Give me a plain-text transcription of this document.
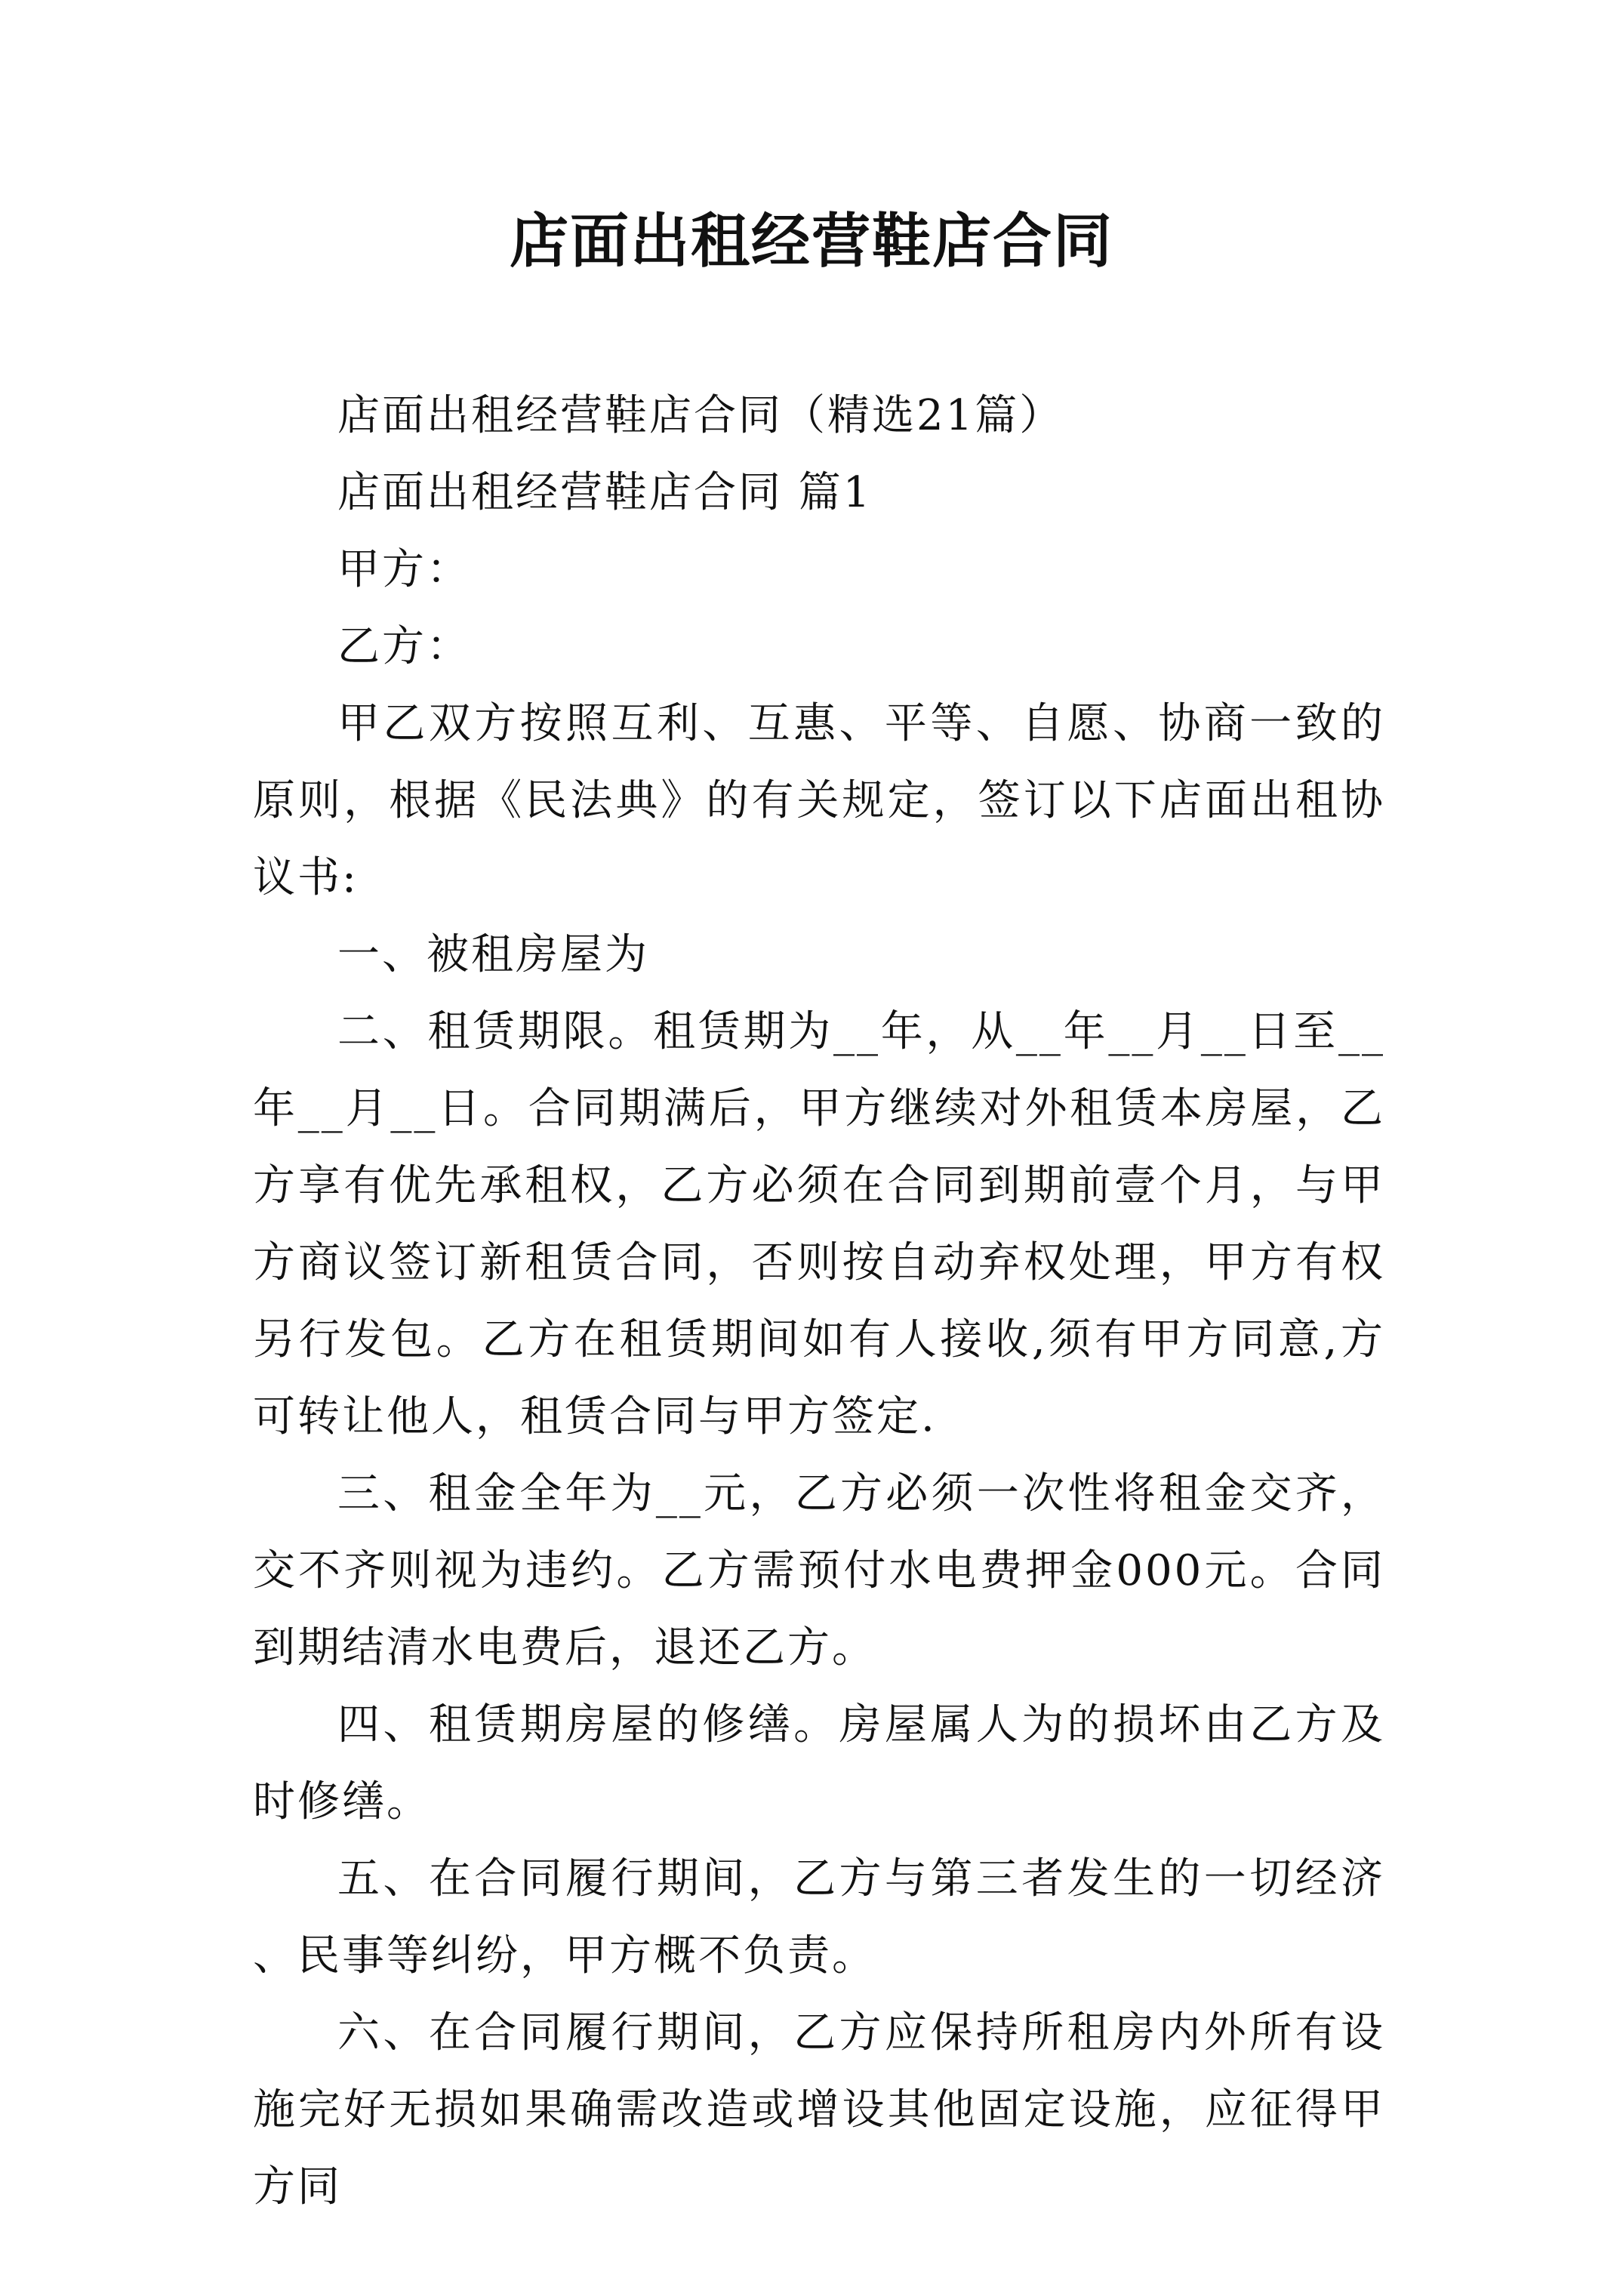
店面出租经营鞋店合同

店面出租经营鞋店合同（精选21篇）

店面出租经营鞋店合同 篇1

甲方：

乙方：

甲乙双方按照互利、互惠、平等、自愿、协商一致的原则，根据《民法典》的有关规定，签订以下店面出租协议书:

一、被租房屋为

二、租赁期限。租赁期为__年，从__年__月__日至__年__月__日。合同期满后，甲方继续对外租赁本房屋，乙方享有优先承租权，乙方必须在合同到期前壹个月，与甲方商议签订新租赁合同，否则按自动弃权处理，甲方有权另行发包。乙方在租赁期间如有人接收,须有甲方同意,方可转让他人，租赁合同与甲方签定.

三、租金全年为__元，乙方必须一次性将租金交齐，交不齐则视为违约。乙方需预付水电费押金000元。合同到期结清水电费后，退还乙方。

四、租赁期房屋的修缮。房屋属人为的损坏由乙方及时修缮。

五、在合同履行期间，乙方与第三者发生的一切经济、民事等纠纷，甲方概不负责。

六、在合同履行期间，乙方应保持所租房内外所有设施完好无损如果确需改造或增设其他固定设施，应征得甲方同
